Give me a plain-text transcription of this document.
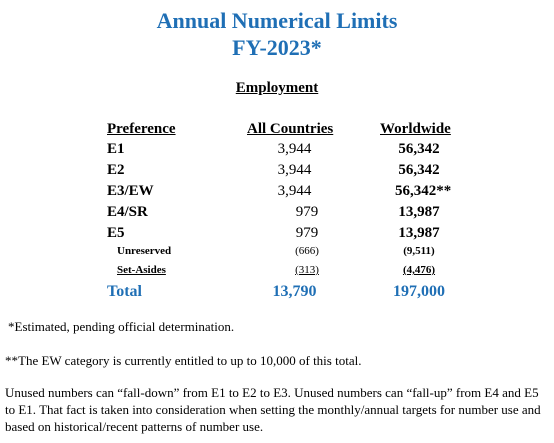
Annual Numerical Limits
FY-2023*
Employment
Preference	All Countries	Worldwide
E1	3,944	56,342
E2	3,944	56,342
E3/EW	3,944	56,342**
E4/SR	979	13,987
E5	979	13,987
Unreserved	(666)	(9,511)
Set-Asides	(313)	(4,476)
Total	13,790	197,000
*Estimated, pending official determination.
**The EW category is currently entitled to up to 10,000 of this total.
Unused numbers can “fall-down” from E1 to E2 to E3. Unused numbers can “fall-up” from E4 and E5 to E1. That fact is taken into consideration when setting the monthly/annual targets for number use and based on historical/recent patterns of number use.
